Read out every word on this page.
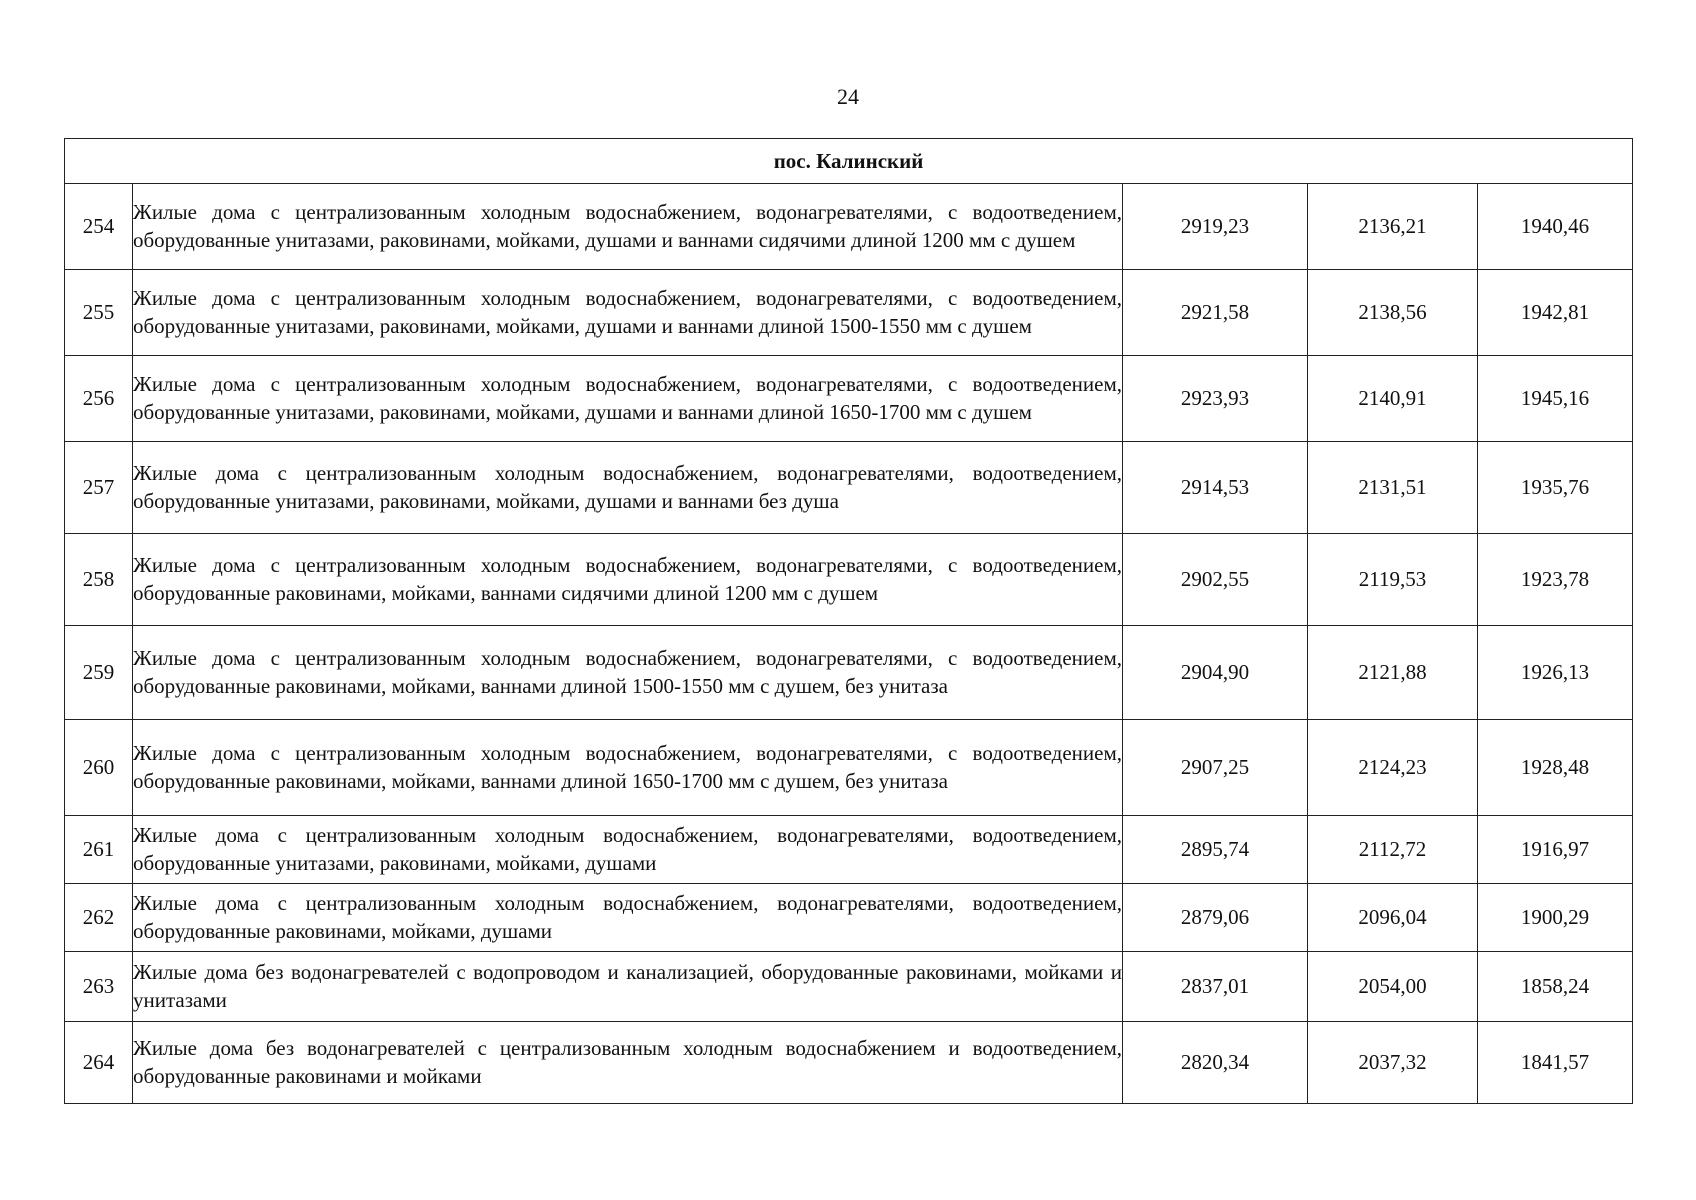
24
пос. Калинский				
254	Жилые дома с централизованным холодным водоснабжением, водонагревателями, с водоотведением, оборудованные унитазами, раковинами, мойками, душами и ваннами сидячими длиной 1200 мм с душем	2919,23	2136,21	1940,46
255	Жилые дома с централизованным холодным водоснабжением, водонагревателями, с водоотведением, оборудованные унитазами, раковинами, мойками, душами и ваннами длиной 1500-1550 мм с душем	2921,58	2138,56	1942,81
256	Жилые дома с централизованным холодным водоснабжением, водонагревателями, с водоотведением, оборудованные унитазами, раковинами, мойками, душами и ваннами длиной 1650-1700 мм с душем	2923,93	2140,91	1945,16
257	Жилые дома с централизованным холодным водоснабжением, водонагревателями, водоотведением, оборудованные унитазами, раковинами, мойками, душами и ваннами без душа	2914,53	2131,51	1935,76
258	Жилые дома с централизованным холодным водоснабжением, водонагревателями, с водоотведением, оборудованные раковинами, мойками, ваннами сидячими длиной 1200 мм с душем	2902,55	2119,53	1923,78
259	Жилые дома с централизованным холодным водоснабжением, водонагревателями, с водоотведением, оборудованные раковинами, мойками, ваннами длиной 1500-1550 мм с душем, без унитаза	2904,90	2121,88	1926,13
260	Жилые дома с централизованным холодным водоснабжением, водонагревателями, с водоотведением, оборудованные раковинами, мойками, ваннами длиной 1650-1700 мм с душем, без унитаза	2907,25	2124,23	1928,48
261	Жилые дома с централизованным холодным водоснабжением, водонагревателями, водоотведением, оборудованные унитазами, раковинами, мойками, душами	2895,74	2112,72	1916,97
262	Жилые дома с централизованным холодным водоснабжением, водонагревателями, водоотведением, оборудованные раковинами, мойками, душами	2879,06	2096,04	1900,29
263	Жилые дома без водонагревателей с водопроводом и канализацией, оборудованные раковинами, мойками и унитазами	2837,01	2054,00	1858,24
264	Жилые дома без водонагревателей с централизованным холодным водоснабжением и водоотведением, оборудованные раковинами и мойками	2820,34	2037,32	1841,57
